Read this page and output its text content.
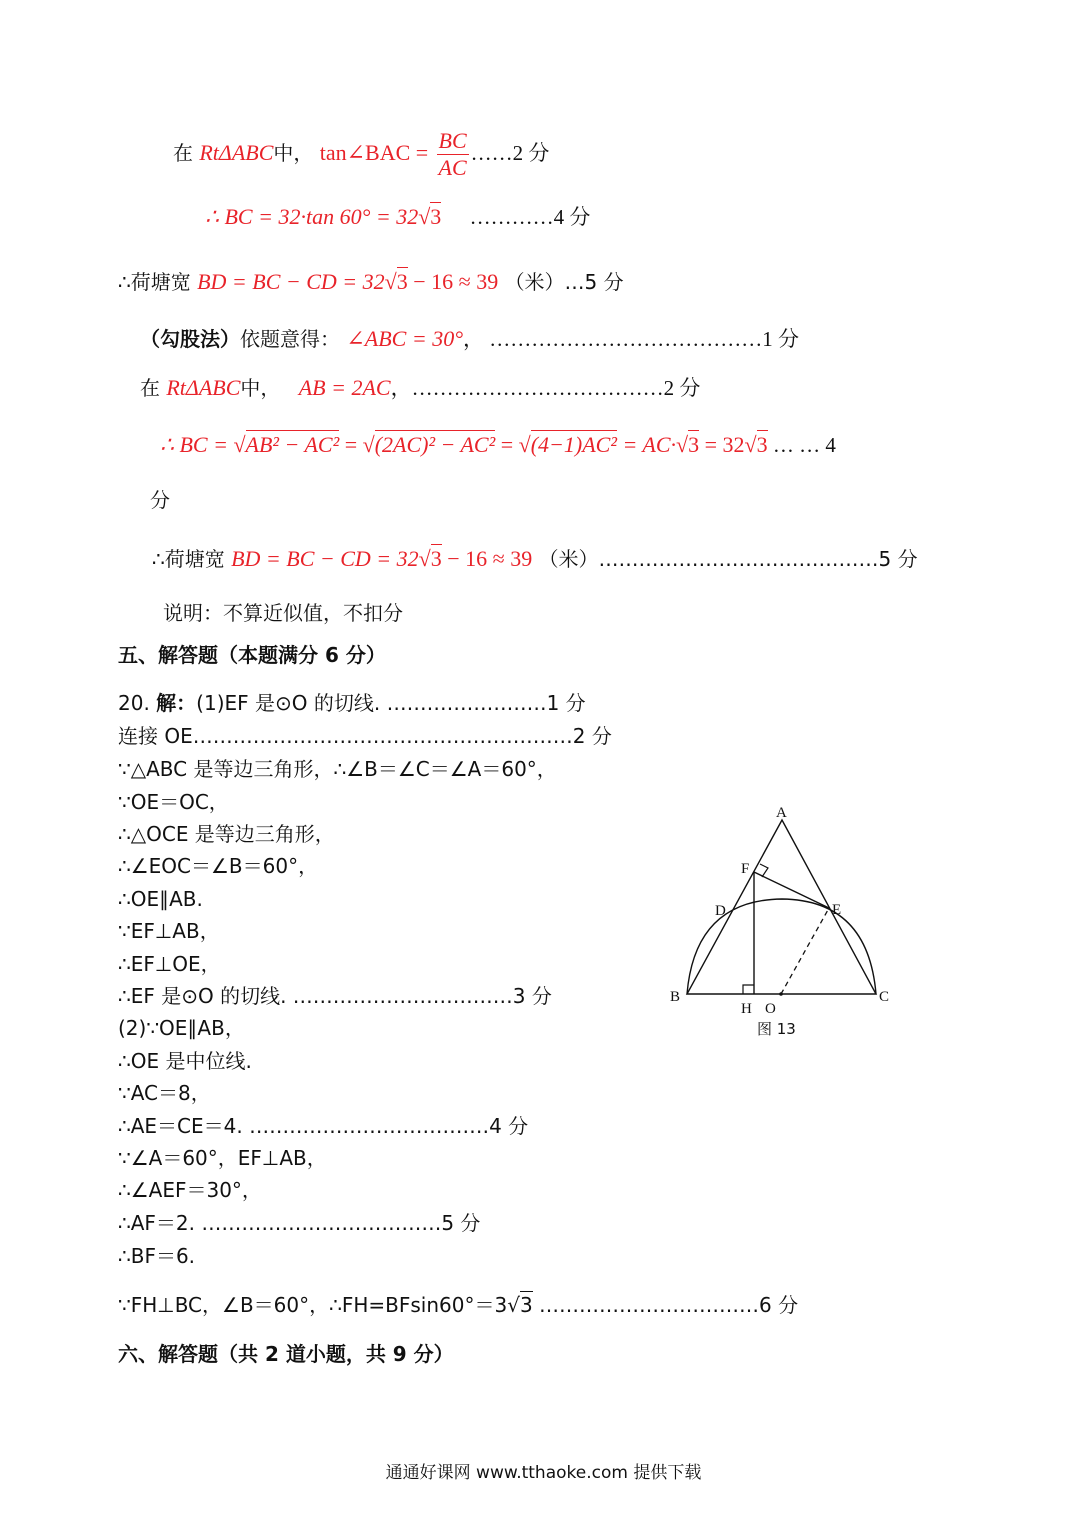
在 RtΔABC中， tan∠BAC = $\frac{BC}{AC}$ ……2 分
∴ BC = 32·tan 60° = 32√3 …………4 分
∴荷塘宽 BD = BC − CD = 32√3 − 16 ≈ 39 （米）…5 分
（勾股法）依题意得： ∠ABC = 30°， …………………………………1 分
在 RtΔABC中， AB = 2AC，………………………………2 分
∴ BC = √AB² − AC² = √(2AC)² − AC² = √(4−1)AC² = AC·√3 = 32√3 … … 4
分
∴荷塘宽 BD = BC − CD = 32√3 − 16 ≈ 39 （米）……………………………………5 分
说明：不算近似值，不扣分
五、解答题（本题满分 6 分）
20. 解：(1)EF 是⊙O 的切线. ……………………1 分
连接 OE…………………………………………………2 分
∵△ABC 是等边三角形，∴∠B＝∠C＝∠A＝60°，
∵OE＝OC，
∴△OCE 是等边三角形，
∴∠EOC＝∠B＝60°，
∴OE∥AB.
∵EF⊥AB，
∴EF⊥OE，
∴EF 是⊙O 的切线. ……………………………3 分
(2)∵OE∥AB，
∴OE 是中位线.
∵AC＝8，
∴AE＝CE＝4. ………………………………4 分
∵∠A＝60°，EF⊥AB，
∴∠AEF＝30°，
∴AF＝2. ………………………………5 分
∴BF＝6.
∵FH⊥BC，∠B＝60°，∴FH=BFsin60°＝3√3 ……………………………6 分
六、解答题（共 2 道小题，共 9 分）
A
F
D	E
B
H O
C
图 13
通通好课网 www.tthaoke.com 提供下载
